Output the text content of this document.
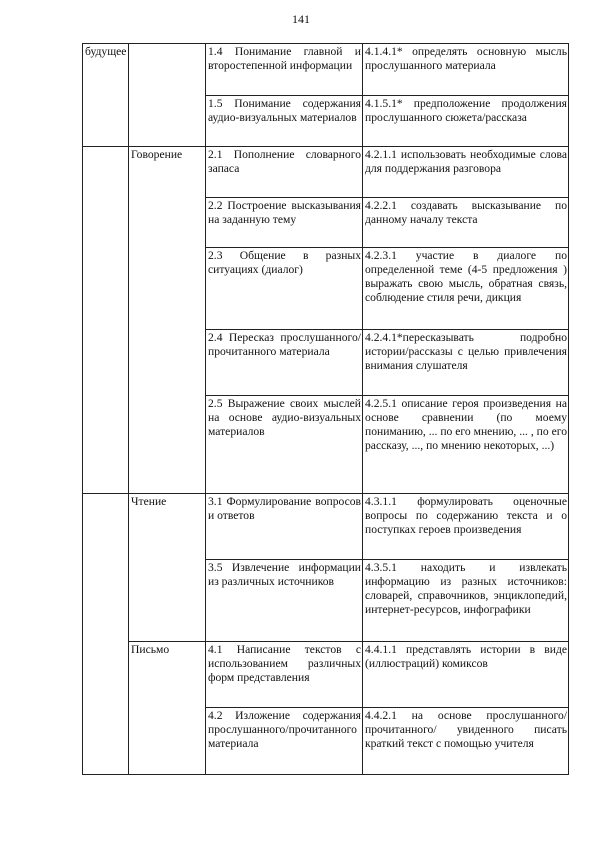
141
будущее		1.4 Понимание главной и второстепенной информации	4.1.4.1* определять основную мысль прослушанного материала
		1.5 Понимание содержания аудио-визуальных материалов	4.1.5.1* предположение продолжения прослушанного сюжета/рассказа
	Говорение	2.1 Пополнение словарного запаса	4.2.1.1 использовать необходимые слова для поддержания разговора
		2.2 Построение высказывания на заданную тему	4.2.2.1 создавать высказывание по данному началу текста
		2.3 Общение в разных ситуациях (диалог)	4.2.3.1 участие в диалоге по определенной теме (4-5 предложения ) выражать свою мысль, обратная связь, соблюдение стиля речи, дикция
		2.4 Пересказ прослушанного/прочитанного материала	4.2.4.1*пересказывать подробно истории/рассказы с целью привлечения внимания слушателя
		2.5 Выражение своих мыслей на основе аудио-визуальных материалов	4.2.5.1 описание героя произведения на основе сравнении (по моему пониманию, ... по его мнению, ... , по его рассказу, ..., по мнению некоторых, ...)
	Чтение	3.1 Формулирование вопросов и ответов	4.3.1.1 формулировать оценочные вопросы по содержанию текста и о поступках героев произведения
		3.5 Извлечение информации из различных источников	4.3.5.1 находить и извлекать информацию из разных источников: словарей, справочников, энциклопедий, интернет-ресурсов, инфографики
	Письмо	4.1 Написание текстов с использованием различных форм представления	4.4.1.1 представлять истории в виде (иллюстраций) комиксов
		4.2 Изложение содержания прослушанного/прочитанного материала	4.4.2.1 на основе прослушанного/ прочитанного/ увиденного писать краткий текст с помощью учителя
